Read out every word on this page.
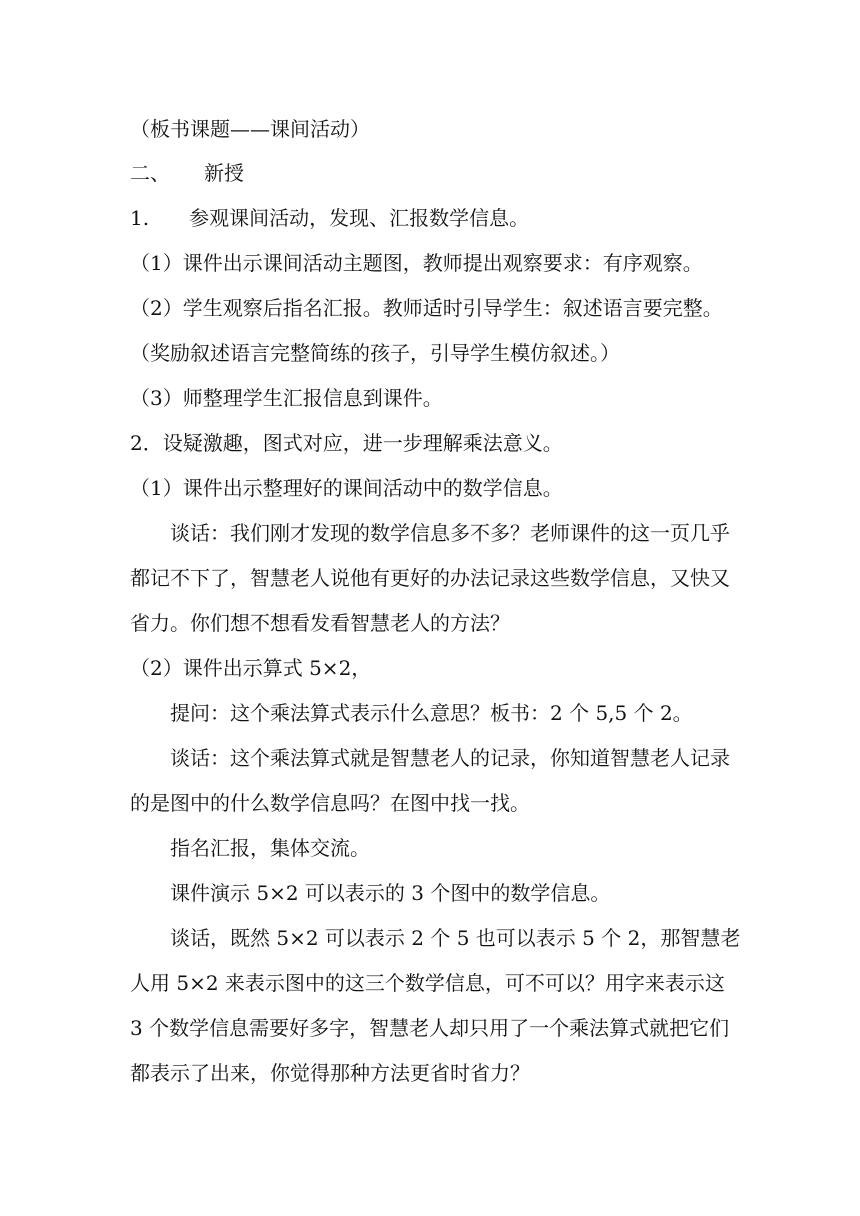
（板书课题——课间活动）
二、 新授
1. 参观课间活动，发现、汇报数学信息。
（1）课件出示课间活动主题图，教师提出观察要求：有序观察。
（2）学生观察后指名汇报。教师适时引导学生：叙述语言要完整。
（奖励叙述语言完整简练的孩子，引导学生模仿叙述。）
（3）师整理学生汇报信息到课件。
2．设疑激趣，图式对应，进一步理解乘法意义。
（1）课件出示整理好的课间活动中的数学信息。
谈话：我们刚才发现的数学信息多不多？老师课件的这一页几乎
都记不下了，智慧老人说他有更好的办法记录这些数学信息，又快又
省力。你们想不想看发看智慧老人的方法？
（2）课件出示算式 5×2，
提问：这个乘法算式表示什么意思？板书：2 个 5,5 个 2。
谈话：这个乘法算式就是智慧老人的记录，你知道智慧老人记录
的是图中的什么数学信息吗？在图中找一找。
指名汇报，集体交流。
课件演示 5×2 可以表示的 3 个图中的数学信息。
谈话，既然 5×2 可以表示 2 个 5 也可以表示 5 个 2，那智慧老
人用 5×2 来表示图中的这三个数学信息，可不可以？用字来表示这
3 个数学信息需要好多字，智慧老人却只用了一个乘法算式就把它们
都表示了出来，你觉得那种方法更省时省力？
